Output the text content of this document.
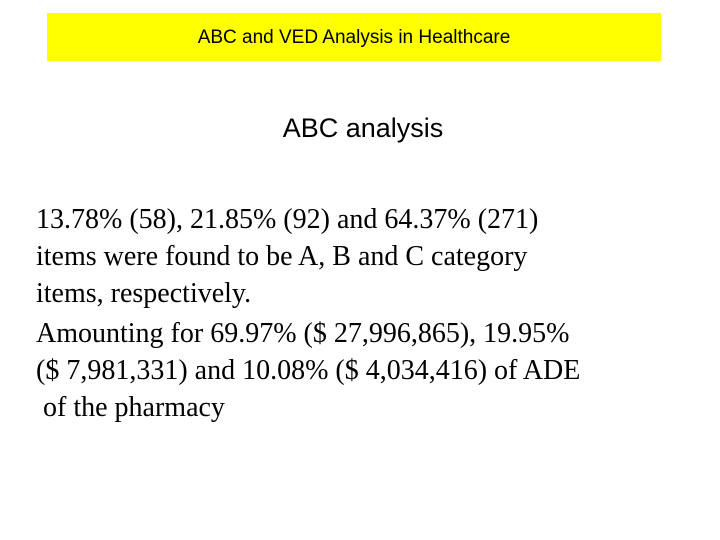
ABC and VED Analysis in Healthcare
ABC analysis
13.78% (58), 21.85% (92) and 64.37% (271)
items were found to be A, B and C category
items, respectively.
Amounting for 69.97% ($ 27,996,865), 19.95%
($ 7,981,331) and 10.08% ($ 4,034,416) of ADE
of the pharmacy
